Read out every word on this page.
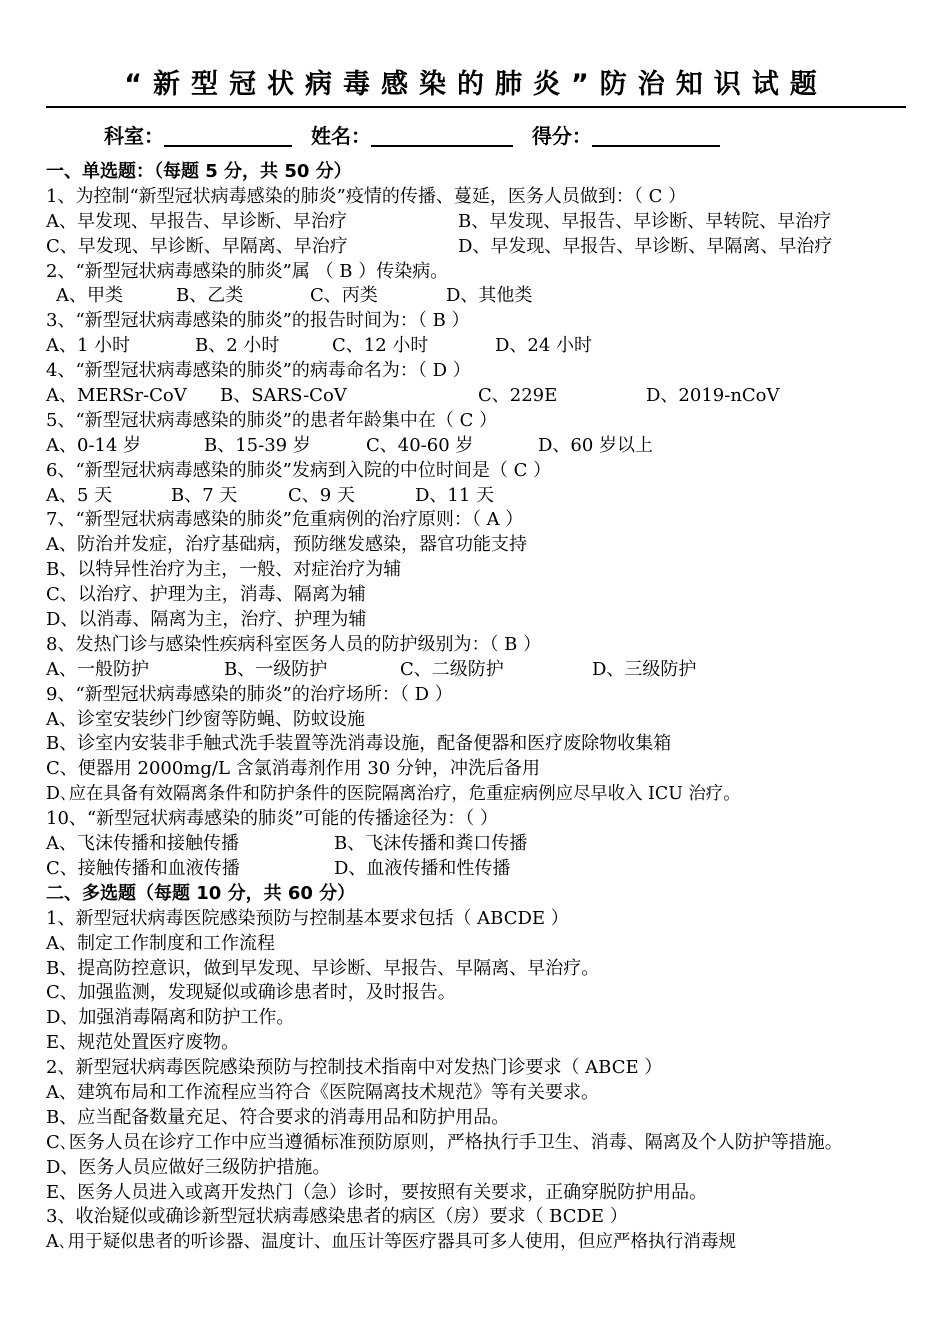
“新型冠状病毒感染的肺炎”防治知识试题
科室：	姓名：	得分：
一、单选题：（每题 5 分，共 50 分）
1、为控制“新型冠状病毒感染的肺炎”疫情的传播、蔓延，医务人员做到：（ C ）
A、早发现、早报告、早诊断、早治疗	B、早发现、早报告、早诊断、早转院、早治疗
C、早发现、早诊断、早隔离、早治疗	D、早发现、早报告、早诊断、早隔离、早治疗
2、“新型冠状病毒感染的肺炎”属 （ B ）传染病。
A、甲类	B、乙类	C、丙类	D、其他类
3、“新型冠状病毒感染的肺炎”的报告时间为：（ B ）
A、1 小时	B、2 小时	C、12 小时	D、24 小时
4、“新型冠状病毒感染的肺炎”的病毒命名为：（ D ）
A、MERSr-CoV B、SARS-CoV	C、229E	D、2019-nCoV
5、“新型冠状病毒感染的肺炎”的患者年龄集中在（ C ）
A、0-14 岁	B、15-39 岁	C、40-60 岁	D、60 岁以上
6、“新型冠状病毒感染的肺炎”发病到入院的中位时间是（ C ）
A、5 天	B、7 天	C、9 天	D、11 天
7、“新型冠状病毒感染的肺炎”危重病例的治疗原则：（ A ）
A、防治并发症，治疗基础病，预防继发感染，器官功能支持
B、以特异性治疗为主，一般、对症治疗为辅
C、以治疗、护理为主，消毒、隔离为辅
D、以消毒、隔离为主，治疗、护理为辅
8、发热门诊与感染性疾病科室医务人员的防护级别为：（ B ）
A、一般防护	B、一级防护	C、二级防护	D、三级防护
9、“新型冠状病毒感染的肺炎”的治疗场所：（ D ）
A、诊室安装纱门纱窗等防蝇、防蚊设施
B、诊室内安装非手触式洗手装置等洗消毒设施，配备便器和医疗废除物收集箱
C、便器用 2000mg/L 含氯消毒剂作用 30 分钟，冲洗后备用
D､应在具备有效隔离条件和防护条件的医院隔离治疗，危重症病例应尽早收入 ICU 治疗。
10、“新型冠状病毒感染的肺炎”可能的传播途径为：（ ）
A、飞沫传播和接触传播	B、飞沫传播和粪口传播
C、接触传播和血液传播	D、血液传播和性传播
二、多选题（每题 10 分，共 60 分）
1、新型冠状病毒医院感染预防与控制基本要求包括（ ABCDE ）
A、制定工作制度和工作流程
B、提高防控意识，做到早发现、早诊断、早报告、早隔离、早治疗。
C、加强监测，发现疑似或确诊患者时，及时报告。
D、加强消毒隔离和防护工作。
E、规范处置医疗废物。
2、新型冠状病毒医院感染预防与控制技术指南中对发热门诊要求（ ABCE ）
A、建筑布局和工作流程应当符合《医院隔离技术规范》等有关要求。
B、应当配备数量充足、符合要求的消毒用品和防护用品。
C､医务人员在诊疗工作中应当遵循标准预防原则，严格执行手卫生、消毒、隔离及个人防护等措施。
D、医务人员应做好三级防护措施。
E、医务人员进入或离开发热门（急）诊时，要按照有关要求，正确穿脱防护用品。
3、收治疑似或确诊新型冠状病毒感染患者的病区（房）要求（ BCDE ）
A､用于疑似患者的听诊器、温度计、血压计等医疗器具可多人使用，但应严格执行消毒规
